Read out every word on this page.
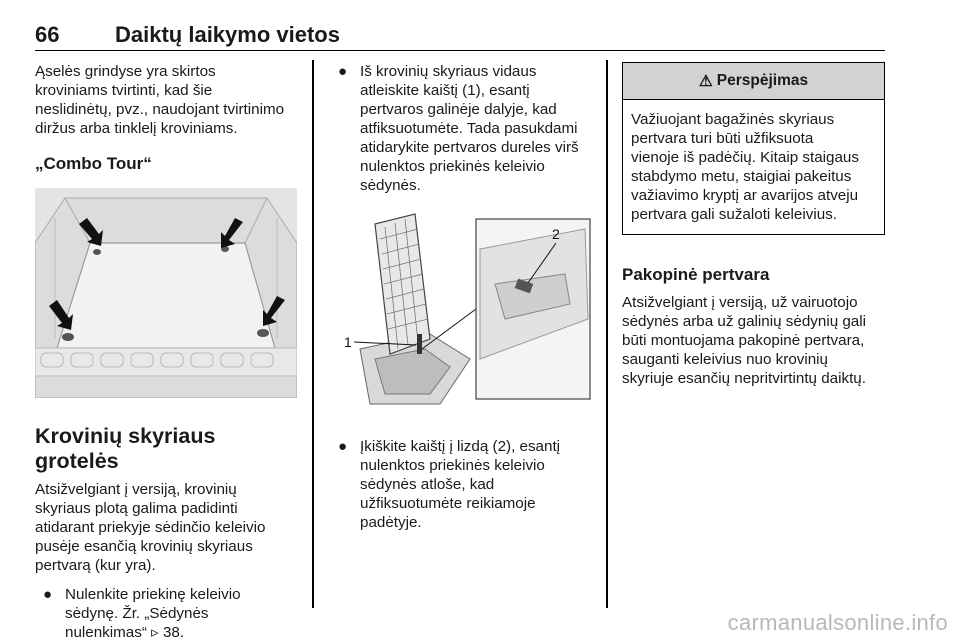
66	Daiktų laikymo vietos

Ąselės grindyse yra skirtos
kroviniams tvirtinti, kad šie
neslidinėtų, pvz., naudojant tvirtinimo
diržus arba tinklelį kroviniams.

„Combo Tour“
Krovinių skyriaus grotelės

Atsižvelgiant į versiją, krovinių
skyriaus plotą galima padidinti
atidarant priekyje sėdinčio keleivio
pusėje esančią krovinių skyriaus
pertvarą (kur yra).

● Nulenkite priekinę keleivio
sėdynę. Žr. „Sėdynės
nulenkimas“ ▹ 38.
● Iš krovinių skyriaus vidaus
atleiskite kaištį (1), esantį
pertvaros galinėje dalyje, kad
atfiksuotumėte. Tada pasukdami
atidarykite pertvaros dureles virš
nulenktos priekinės keleivio
sėdynės.
1
2
● Įkiškite kaištį į lizdą (2), esantį
nulenktos priekinės keleivio
sėdynės atlošе, kad
užfiksuotumėte reikiamoje
padėtyje.
⚠ Perspėjimas

Važiuojant bagažinės skyriaus
pertvara turi būti užfiksuota
vienoje iš padėčių. Kitaip staigaus
stabdymo metu, staigiai pakeitus
važiavimo kryptį ar avarijos atveju
pertvara gali sužaloti keleivius.

Pakopinė pertvara

Atsižvelgiant į versiją, už vairuotojo
sėdynės arba už galinių sėdynių gali
būti montuojama pakopinė pertvara,
sauganti keleivius nuo krovinių
skyriuje esančių nepritvirtintų daiktų.

carmanualsonline.info
